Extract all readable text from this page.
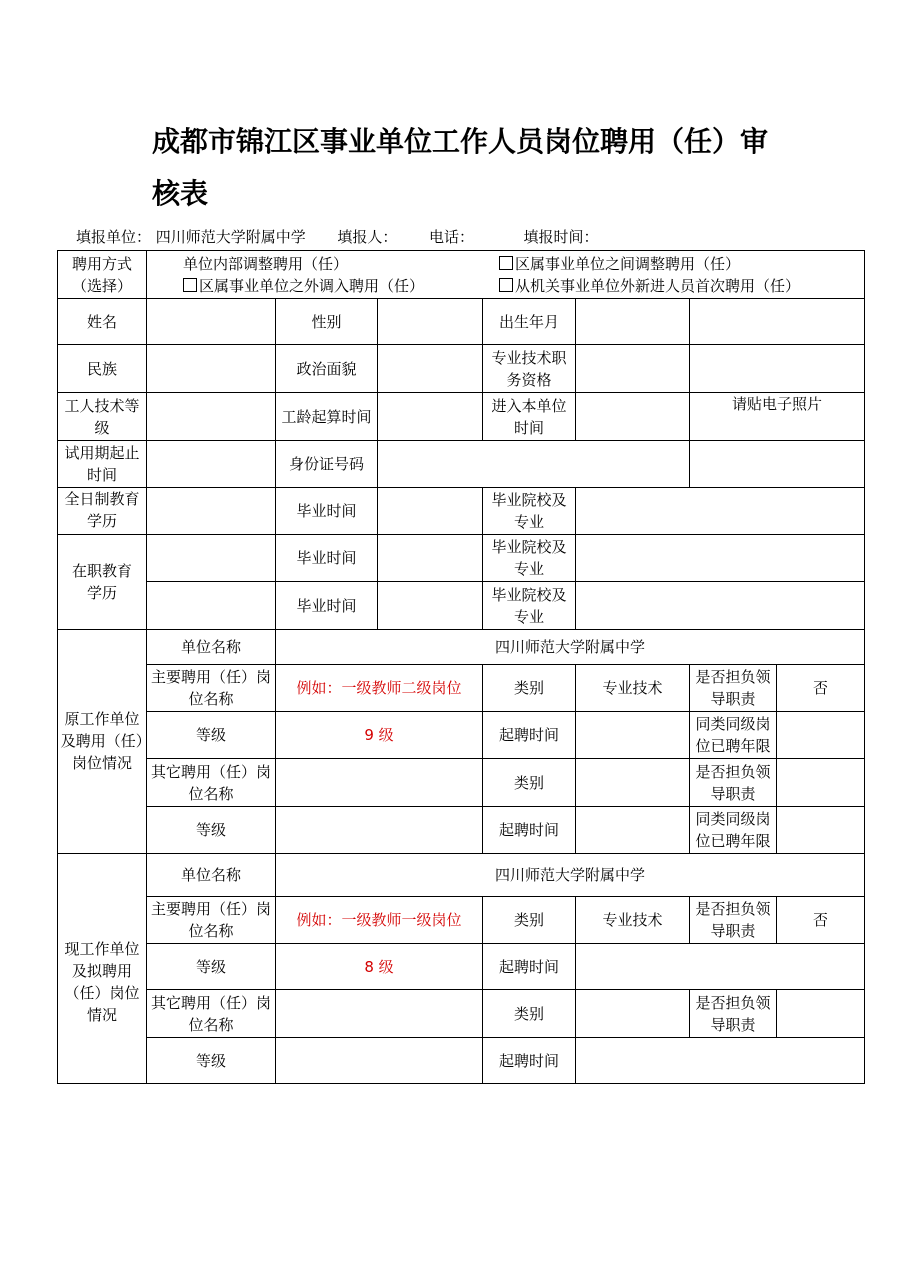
成都市锦江区事业单位工作人员岗位聘用（任）审核表
填报单位： 四川师范大学附属中学 填报人： 电话：	填报时间：
聘用方式（选择）	单位内部调整聘用（任）
区属事业单位之外调入聘用（任）
区属事业单位之间调整聘用（任）
从机关事业单位外新进人员首次聘用（任）						

姓名		性别		出生年月			
民族		政治面貌		专业技术职务资格			
工人技术等级		工龄起算时间		进入本单位时间		请贴电子照片	
试用期起止时间		身份证号码					
全日制教育学历		毕业时间		毕业院校及专业			
在职教育		毕业时间		毕业院校及专业			
学历		毕业时间		毕业院校及专业			
	单位名称	四川师范大学附属中学					
原工作单位及聘用（任）岗位情况	主要聘用（任）岗位名称	例如：一级教师二级岗位		类别	专业技术	是否担负领导职责	否
	等级	9 级		起聘时间		同类同级岗位已聘年限	
	其它聘用（任）岗位名称			类别		是否担负领导职责	
	等级			起聘时间		同类同级岗位已聘年限	
	单位名称	四川师范大学附属中学					
现工作单位及拟聘用（任）岗位情况	主要聘用（任）岗位名称	例如：一级教师一级岗位		类别	专业技术	是否担负领导职责	否
	等级	8 级		起聘时间			
	其它聘用（任）岗位名称			类别		是否担负领导职责	
	等级			起聘时间			
